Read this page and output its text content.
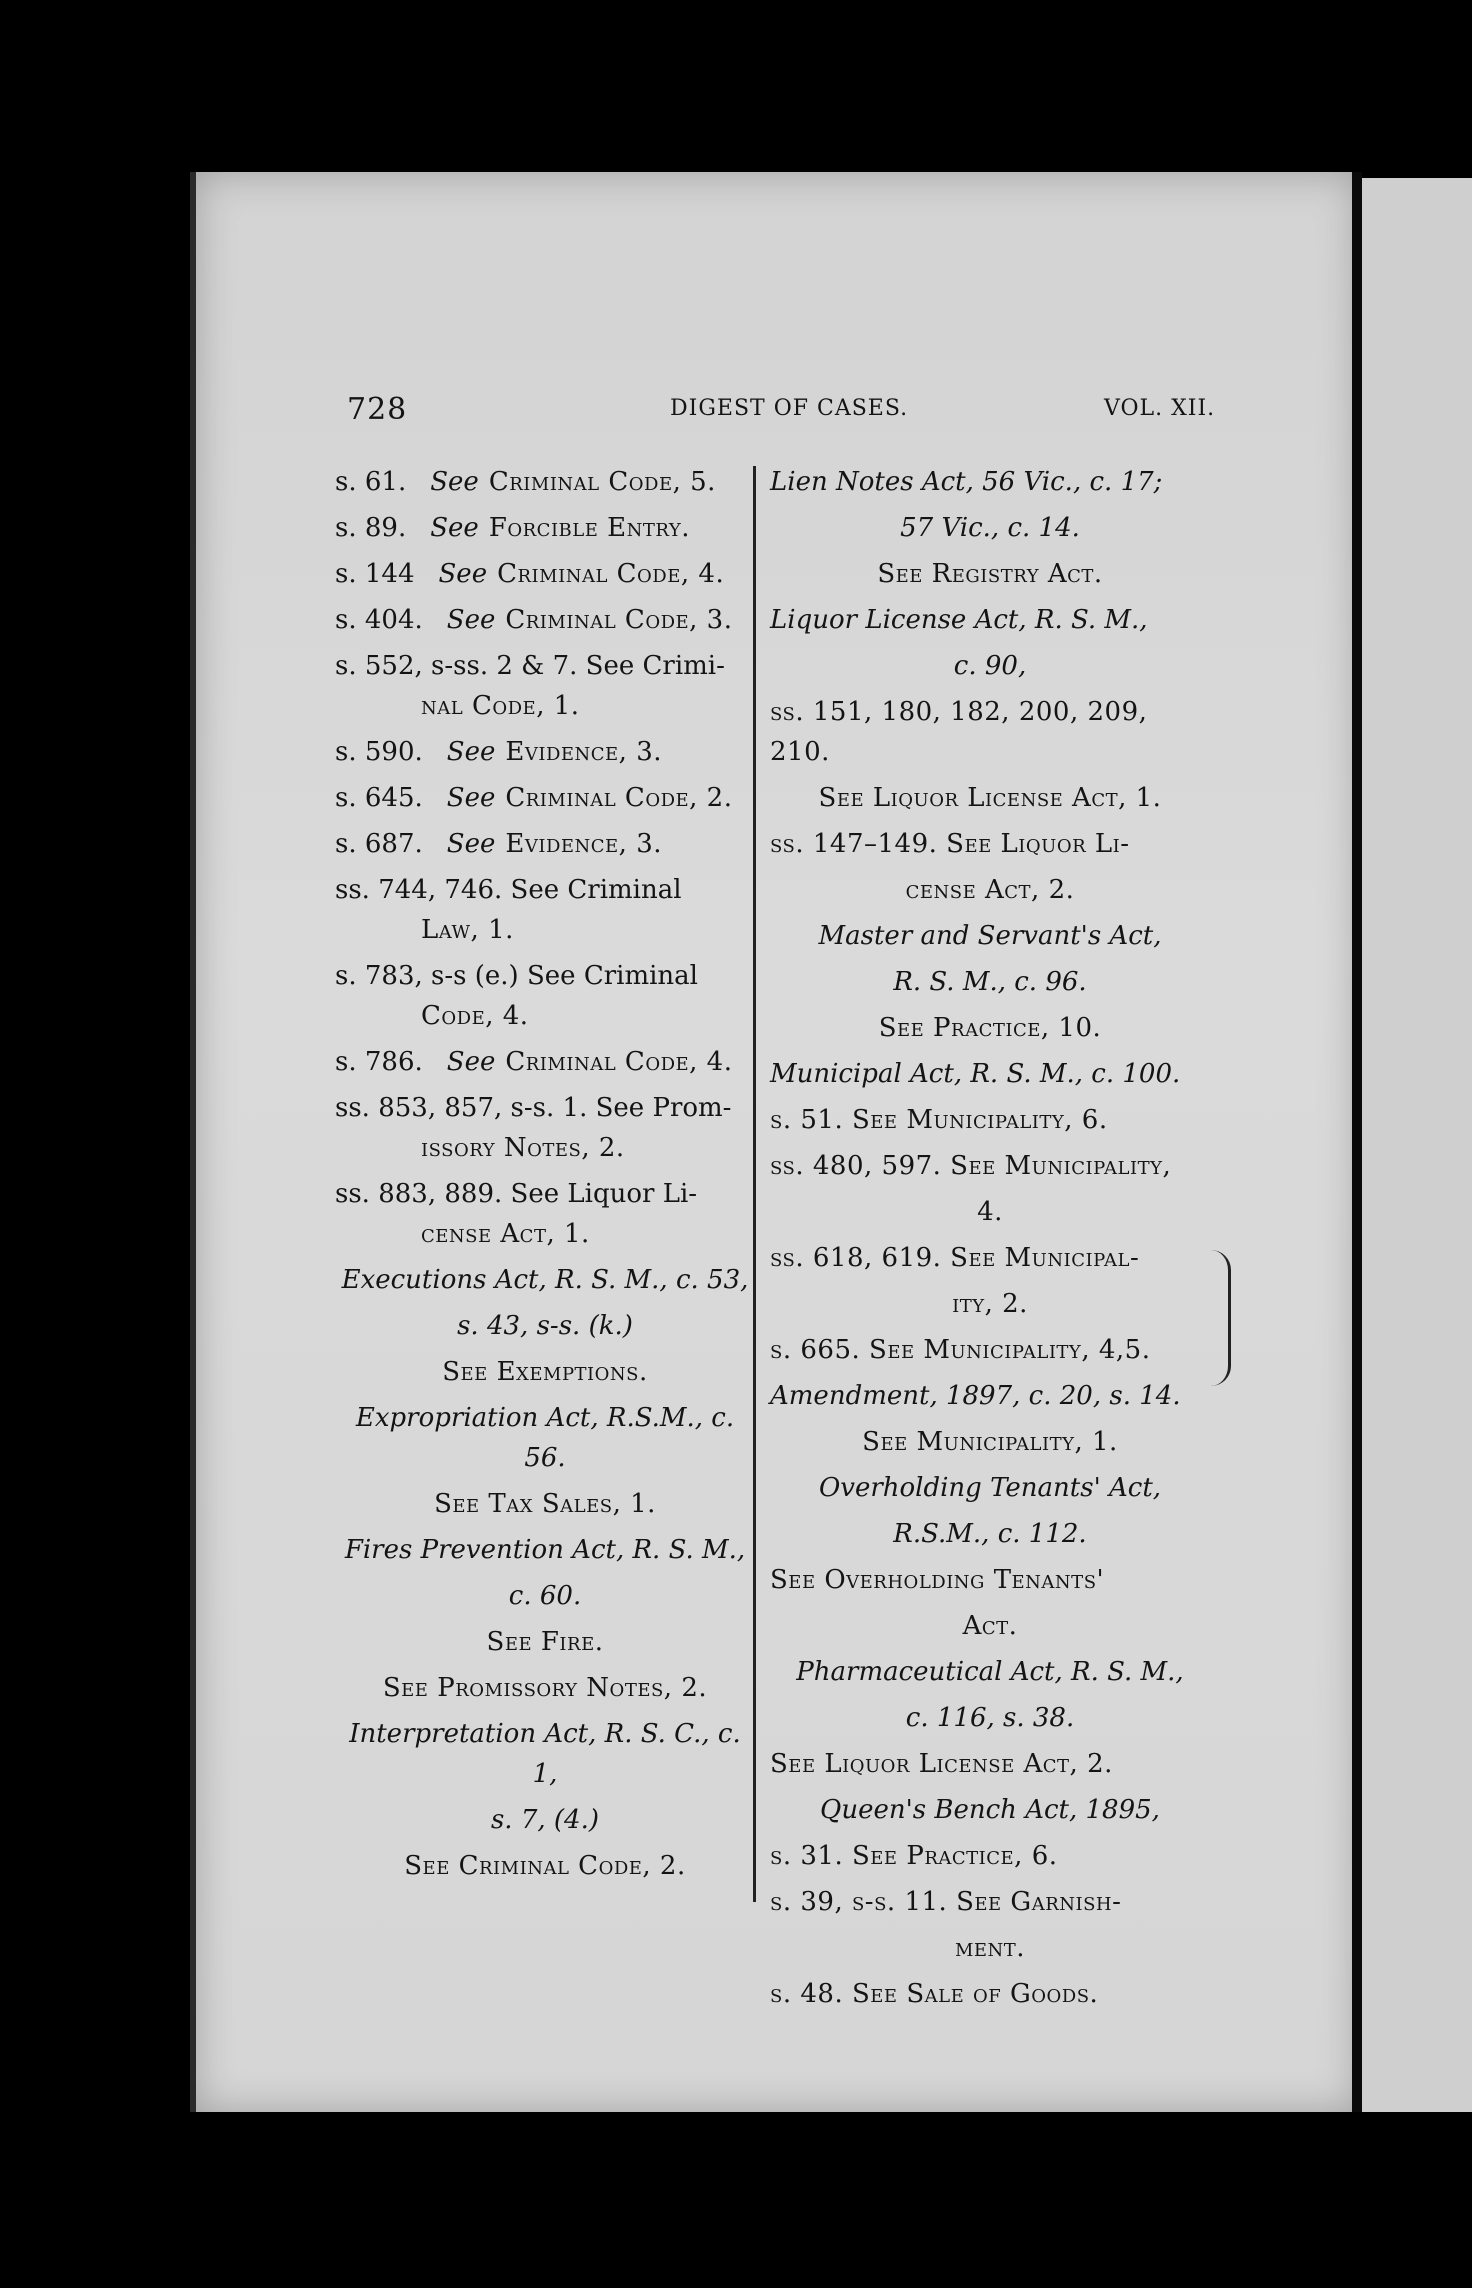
728	DIGEST OF CASES.	VOL. XII.
s. 61. See Criminal Code, 5.
s. 89. See Forcible Entry.
s. 144 See Criminal Code, 4.
s. 404. See Criminal Code, 3.
s. 552, s-ss. 2 & 7. See Crimi-
nal Code, 1.
s. 590. See Evidence, 3.
s. 645. See Criminal Code, 2.
s. 687. See Evidence, 3.
ss. 744, 746. See Criminal
Law, 1.
s. 783, s-s (e.) See Criminal
Code, 4.
s. 786. See Criminal Code, 4.
ss. 853, 857, s-s. 1. See Prom-
issory Notes, 2.
ss. 883, 889. See Liquor Li-
cense Act, 1.
Executions Act, R. S. M., c. 53,
s. 43, s-s. (k.)
See Exemptions.
Expropriation Act, R.S.M., c. 56.
See Tax Sales, 1.
Fires Prevention Act, R. S. M.,
c. 60.
See Fire.
See Promissory Notes, 2.
Interpretation Act, R. S. C., c. 1,
s. 7, (4.)
See Criminal Code, 2.
Lien Notes Act, 56 Vic., c. 17;
57 Vic., c. 14.
See Registry Act.
Liquor License Act, R. S. M.,
c. 90,
ss. 151, 180, 182, 200, 209, 210.
See Liquor License Act, 1.
ss. 147–149. See Liquor Li-
cense Act, 2.
Master and Servant's Act,
R. S. M., c. 96.
See Practice, 10.
Municipal Act, R. S. M., c. 100.
s. 51. See Municipality, 6.
ss. 480, 597. See Municipality,
4.
ss. 618, 619. See Municipal-
ity, 2.
s. 665. See Municipality, 4,5.
Amendment, 1897, c. 20, s. 14.
See Municipality, 1.
Overholding Tenants' Act,
R.S.M., c. 112.
See Overholding Tenants'
Act.
Pharmaceutical Act, R. S. M.,
c. 116, s. 38.
See Liquor License Act, 2.
Queen's Bench Act, 1895,
s. 31. See Practice, 6.
s. 39, s-s. 11. See Garnish-
ment.
s. 48. See Sale of Goods.
